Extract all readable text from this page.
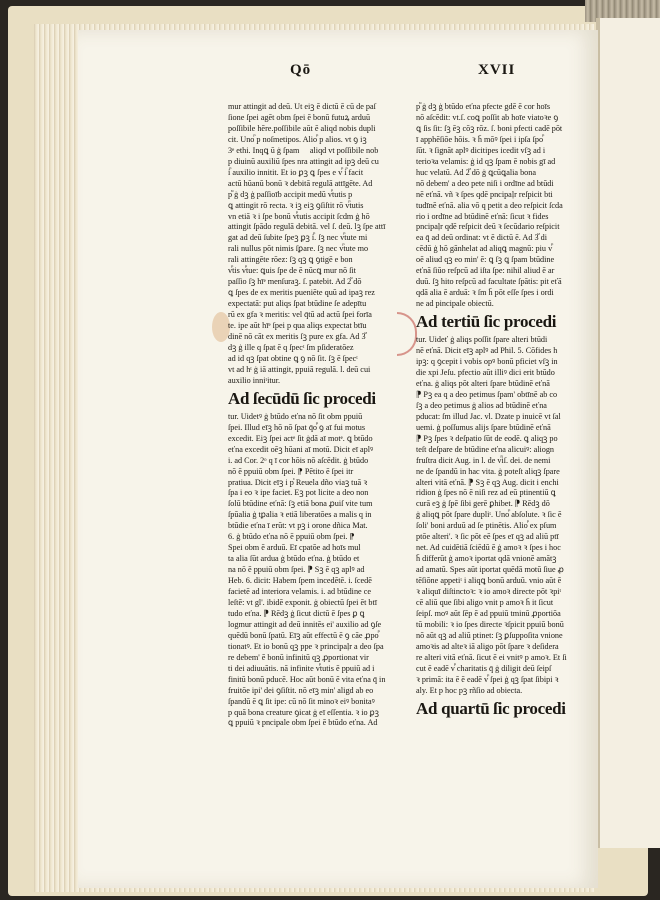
Qō	XVII

mur attingit ad deū. Ut eiꝫ ē dictū ē cū de paſ

ſione ſpei agēt obm ſpei ē bonū futuꝝ arduū

poſſibile hēre.poſſibile aūt ē aliqd nobis dupli

cit. Unoⷬ p noſmetipos. Alioⷬ p alios. vt ꝯ iꝫ

3ᵉ ethi. Inqꝗ ū ġ ſpam ᷝ aliqd vt poſſibile nob

p diuinū auxiliū ſpes nra attingit ad ipꝫ deū cu

iⷬ auxilio innitit. Et io ꝑꝫ ꝗ ſpes e vⷬ iⷬ facit

actū hūanū bonū ꝛ debitā regulā attīgēte. Ad

pⷨ ġ dꝫ ġ paſſioīb accipit medū vⷬtutis p

ꝗ attingit rō recta. ꝛ iꝫ eiꝫ ꝯſiſtit rō vⷬtutis

vn etiā ꝛ i ſpe bonū vⷬtutis accipit ſcdm ġ hō

attingit ſpādo regulā debitā. vel ſ. deū. lꝫ ſpe attī

gat ad deū ſubite ſpeꝫ ꝑꝫ iⷬ. ſꝫ nec vⷬtute mi

rali nullus pōt nimis ſꝑare. ſꝫ nec vⷬtute mo

rali attingēte rōez: ſꝫ qꝫ ꝗ ꝯtigē e bon

vⷬtis vⷬtue: ꝗuis ſpe de ē nūcꝗ mur nō ſit

paſſio ſꝫ hīᵉ menſuraꝫ. ſ. patebit. Ad 2ⷨ dō

ꝗ ſpes de ex meritis pueniēte quū ad ipaꝫ rez

expectatā: put aliqs ſpat btūdine ſe adepītu

rū ex gfa ꝛ meritis: vel q̄tū ad actū ſpei forīa

te. ipe aūt hīᵉ ſpei p qua aliqs expectat btīu

dinē nō cāt ex meritis ſꝫ pure ex gfa. Ad 3ⷨ

dꝫ ġ ille q ſpat ē q ſpecᵗ ſm pſideratōez

ad id qꝫ ſpat obtine ꝗ ꝯ nō ſit. ſꝫ ē ſpecᵗ

vt ad hᵗ ġ iā attingit, ppuiā regulā. l. deū cui

auxilio inniᵗitur.

Ad ſecūdū ſic procedi

tur. Uidetꝰ ġ btūdo eťna nō ſit obm ppuiū

ſpei. Illud eīꝫ hō nō ſpat q̄oⷬ ꝯ aī fui motus

excedit. Eiꝫ ſpei actᵉ ſit ġdā aī motᵉ. ꝗ btūdo

eťna excedit oēꝫ hūani aī motū. Dicit eī aplꝰ

i. ad Cor. 2ᵒ q ī cor hōis nō aſcēdit. ġ btūdo

nō ē ppuiū obm ſpei. ⁋ Pētito ē ſpei itr

pratiua. Dicit eīꝫ i pⷦ Reuela dño viaꝫ tuā ꝛ

ſpa i eo ꝛ ipe faciet. Eꝫ pot licite a deo non

ſolū btūdine eťnā: ſꝫ etiā bona ꝓuiſ vite tum

ſpūalia ġ tꝑalia ꝛ etiā liberatōes a malis q in

btūdie eťna ī erūt: vt pꝫ i orone dñica Mat.

6. ġ btūdo eťna nō ē ppuiū obm ſpei. ⁋

Spei obm ē arduū. Eī cpatōe ad hoīs mul

ta alia ſūt ardua ġ btūdo eťna. ġ btūdo et

na nō ē ppuiū obm ſpei. ⁋ Sꝫ ē qꝫ aplꝰ ad

Heb. 6. dicit: Habem ſpem incedētē. i. ſcedē

facietē ad interiora velamis. i. ad btūdine ce

leſtē: vt gl'. ibidē exponit. ġ obiectū ſpei ēt btī

tudo eťna. ⁋ Rēdꝫ ġ ſicut dictū ē ſpes ꝑ ꝗ

logmur attingit ad deū innitēs ei' auxilio ad ꝯſe

quēdū bonū ſpatū. Eīꝫ aūt effectū ē ꝯ cāe ꝓpoⷬ

tionatꝰ. Et io bonū qꝫ ppe ꝛ principaļr a deo ſpa

re debem' ē bonū infinitū qꝫ ꝓportionat vir

ti dei adiuuātis. nā infinite vⷬtutis ē ppuiū ad i

finitū bonū pducē. Hoc aūt bonū ē vita eťna q̄ in

fruitōe ipi' dei ꝯſiſtit. nō eīꝫ min' aligd ab eo

ſpandū ē ꝗ ſit ipe: cū nō ſit minoꝛ eiꝰ bonitaꝰ

p quā bona creature ꝯicat ġ eī eſſentia. ꝛ io ꝑꝫ

ꝗ ppuiū ꝛ pncipale obm ſpei ē btūdo eťna. Ad

pⷨ ġ dꝫ ġ btūdo eťna pfecte gdē ē cor hoīs

nō aſcēdit: vt.ſ. coꝗ poſſit ab hoīe viatoꝛe ꝯ

ꝗ ſis ſit: ſꝫ ēꝫ cōꝫ rōz. ſ. boni pfecti cadē pōt

ī apphēſiōe hōis. ꝛ h̄ mōꝰ ſpei i ipſa ſpoⷬ

ſūt. ꝛ ſignāt aplꝰ dicitipes icedit vſꝫ ad i

terioꝛa velamis: ġ id qꝫ ſpam ē nobis gī ad

huc velatū. Ad 2ⷨ dō ġ ꝗcūꝗalia bona

nō debem' a deo pete niſi i ordīne ad btūdi

nē eťnā. vñ ꝛ ſpes qdē pncipaļr reſpicit bti

tudīnē eťnā. alia vō q petit a deo reſpicit ſcda

rio i ordīne ad btūdinē eťnā: ſicut ꝛ fides

pncipaļr qdē reſpicit deū ꝛ ſecūdario reſpicit

ea q̄ ad deū ordinat: vt ē dictū ē. Ad 3ⷨ di

cēdū ġ hō gānhelat ad aliqꝗ magnū: piu vⷬ

oē aliud qꝫ eo min' ē: ꝗ ſꝫ ꝗ ſpam btūdine

eťnā ſiūo reſpcū ad iſta ſpe: nihil aliud ē ar

duū. ſꝫ hito reſpcū ad facultate ſpātis: pit eťā

qdā alia ē arduā: ꝛ ſm h̄ pōt eſſe ſpes i ordi

ne ad pincipale obiectū.

Ad tertiū ſic procedi

tur. Uideť ġ aliqs poſſit ſpare alteri btūdi

nē eťnā. Dicit eīꝫ aplꝰ ad Phil. 5. Cōfides h

ipꝫ: q ꝯcepit i vobis opꝰ bonū pficiet vſꝫ in

die xpi Jeſu. pfectio aūt illiꝰ dici erit btūdo

eťna. ġ aliqs pōt alteri ſpare btūdinē eťnā

⁋ Pꝫ ea q a deo petimus ſpam' obtīnē ab co

ſꝫ a deo petimus ġ alios ad btūdinē eťna

pducat: ſm illud Jac. vl. Dzate p inuicē vt ſal

uemi. ġ poſſumus alijs ſpare btūdinē eťnā

⁋ Pꝫ ſpes ꝛ deſpatio ſūt de eodē. ꝗ aliqꝫ po

teſt deſpare de btūdine eťna alicuiꝰ: aliogn

fruſtra dicit Aug. in l. de vⷬiſ. dei. de nemi

ne de ſpandū in hac vita. ġ poteſt aliqꝫ ſpare

alteri vitā eťnā. ⁋ Sꝫ ē qꝫ Aug. dicit i enchi

ridion ġ ſpes nō ē niſi rez ad eū ptinentiū ꝗ

curā eꝫ ġ ſpē ſibi gerē ꝑhibet. ⁋ Rēdꝫ dō

ġ aliqꝗ pōt ſpare dupliᵗ. Unoⷬ abſolute. ꝛ ſic ē

ſoli' boni arduū ad ſe ptinētis. Alioⷬ ex pſum

ptōe alteri'. ꝛ ſic pōt eē ſpes eī qꝫ ad aliū ptī

net. Ad cuidētiā ſciēdū ē ġ amoꝛ ꝛ ſpes i hoc

h̄ differūt ġ amoꝛ iportat qdā vnionē amātꝫ

ad amatū. Spes aūt iportat quēdā motū ſiue ꝓ

tēſiōne appetiᵗ i aliqꝗ bonū arduū. vnio aūt ē

ꝛ aliquī diſtinctoꝛ: ꝛ io amoꝛ directe pōt ꝛpiᵗ

cē aliū que ſibi aligo vnit p amoꝛ h̄ it ſicut

ſeipſ. moꝰ aūt ſēp ē ad ppuiū tminū ꝓportiōa

tū mobili: ꝛ io ſpes directe ꝛſpicit ppuiū bonū

nō aūt qꝫ ad aliū ptinet: ſꝫ ꝑſuppoſita vnione

amoꝛis ad alteꝛ iā aligo pōt ſpare ꝛ deſidera

re alteri vitā eťnā. ſicut ē ei vnitꝰ p amoꝛ. Et ſi

cut ē eadē vⷬ charitatis q̄ ġ diligit deū ſeipſ

ꝛ primā: ita ē ē eadē vⷬ ſpei ġ qꝫ ſpat ſibipi ꝛ

aly. Et p hoc pꝫ rñſio ad obiecta.

Ad quartū ſic procedi
